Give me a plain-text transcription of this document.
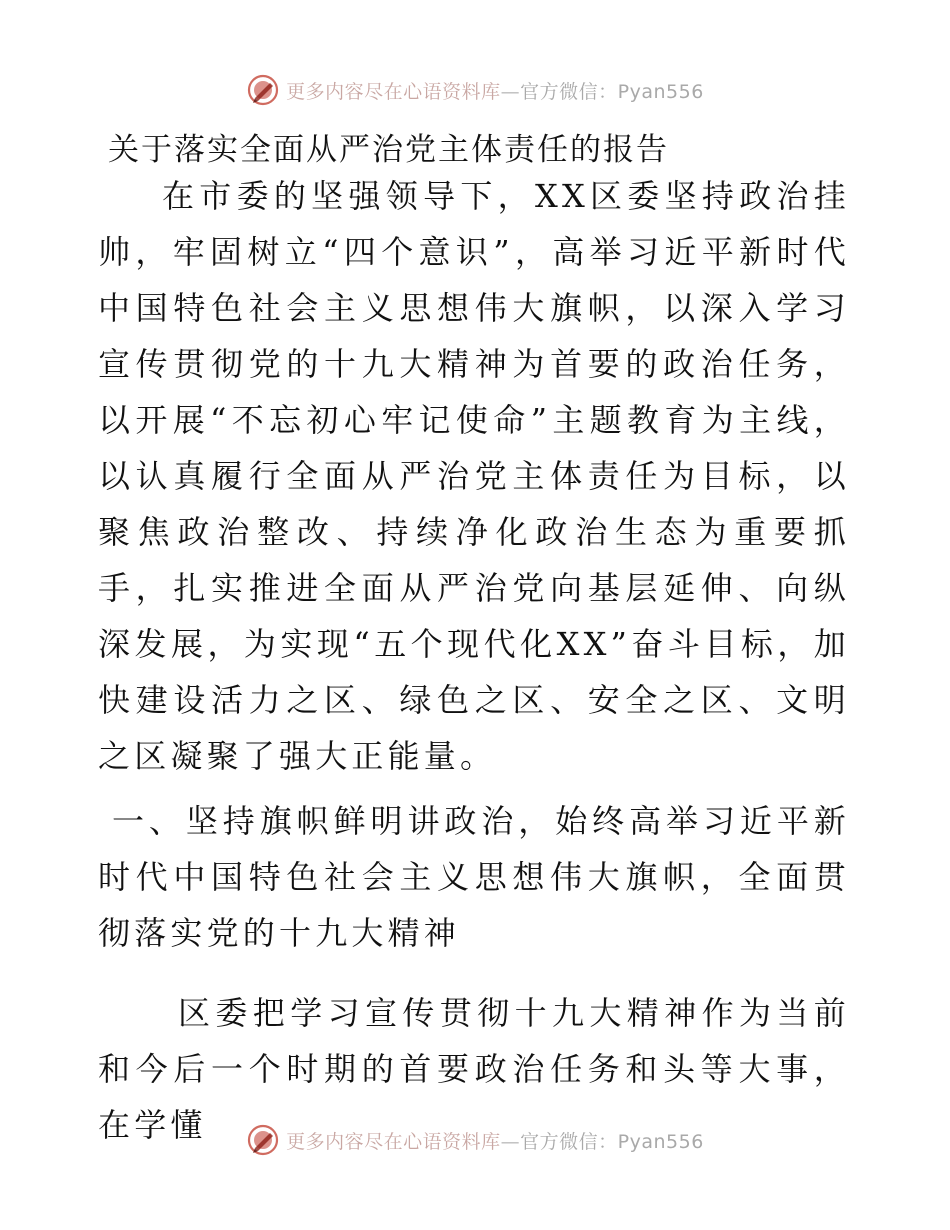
更多内容尽在心语资料库—官方微信：Pyan556
关于落实全面从严治党主体责任的报告

在市委的坚强领导下，XX区委坚持政治挂帅，牢固树立“四个意识”，高举习近平新时代中国特色社会主义思想伟大旗帜，以深入学习宣传贯彻党的十九大精神为首要的政治任务，以开展“不忘初心牢记使命”主题教育为主线，以认真履行全面从严治党主体责任为目标，以聚焦政治整改、持续净化政治生态为重要抓手，扎实推进全面从严治党向基层延伸、向纵深发展，为实现“五个现代化XX”奋斗目标，加快建设活力之区、绿色之区、安全之区、文明之区凝聚了强大正能量。

一、坚持旗帜鲜明讲政治，始终高举习近平新时代中国特色社会主义思想伟大旗帜，全面贯彻落实党的十九大精神

区委把学习宣传贯彻十九大精神作为当前和今后一个时期的首要政治任务和头等大事，在学懂	更多内容尽在心语资料库—官方微信：Pyan556
